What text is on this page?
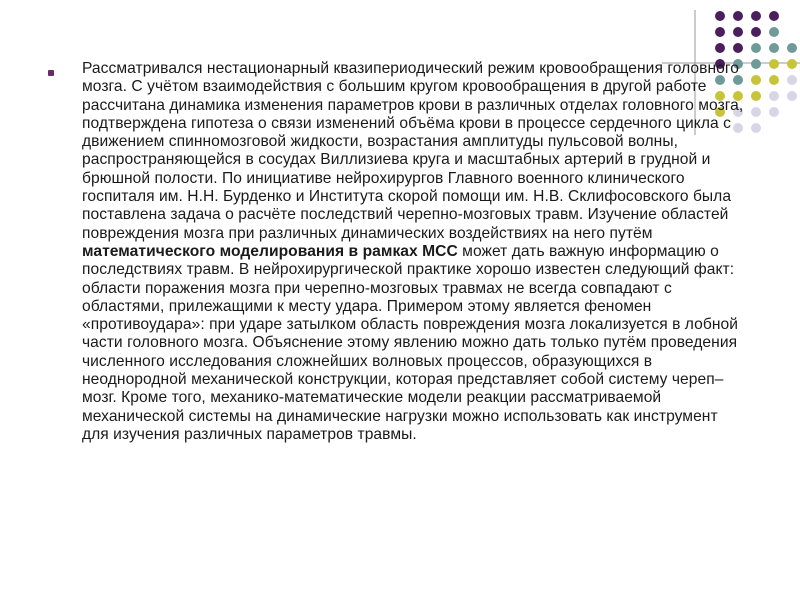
Рассматривался нестационарный квазипериодический режим кровообращения головного мозга. С учётом взаимодействия с большим кругом кровообращения в другой работе рассчитана динамика изменения параметров крови в различных отделах головного мозга, подтверждена гипотеза о связи изменений объёма крови в процессе сердечного цикла с движением спинномозговой жидкости, возрастания амплитуды пульсовой волны, распространяющейся в сосудах Виллизиева круга и масштабных артерий в грудной и брюшной полости. По инициативе нейрохирургов Главного военного клинического госпиталя им. Н.Н. Бурденко и Института скорой помощи им. Н.В. Склифосовского была поставлена задача о расчёте последствий черепно-мозговых травм. Изучение областей повреждения мозга при различных динамических воздействиях на него путём математического моделирования в рамках МСС может дать важную информацию о последствиях травм. В нейрохирургической практике хорошо известен следующий факт: области поражения мозга при черепно-мозговых травмах не всегда совпадают с областями, прилежащими к месту удара. Примером этому является феномен «противоудара»: при ударе затылком область повреждения мозга локализуется в лобной части головного мозга. Объяснение этому явлению можно дать только путём проведения численного исследования сложнейших волновых процессов, образующихся в неоднородной механической конструкции, которая представляет собой систему череп–мозг. Кроме того, механико-математические модели реакции рассматриваемой механической системы на динамические нагрузки можно использовать как инструмент для изучения различных параметров травмы.
